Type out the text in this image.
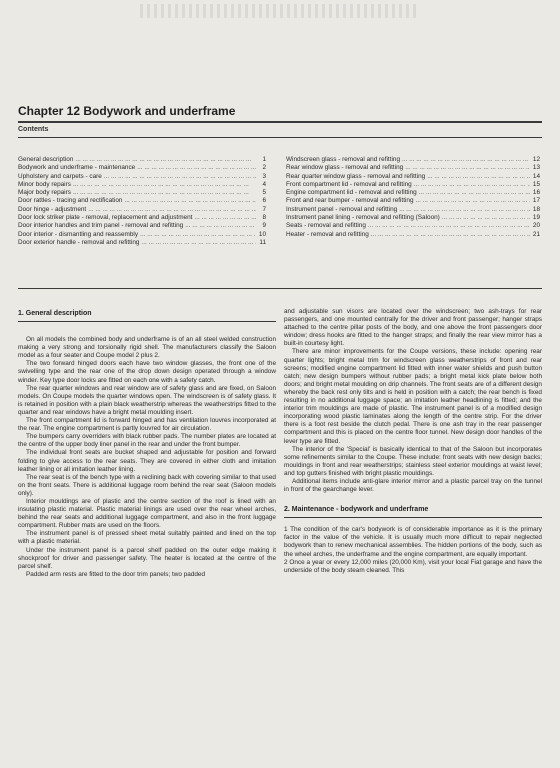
Chapter 12 Bodywork and underframe
Contents
General description ... .	1
Bodywork and underframe - maintenance ... .	2
Upholstery and carpets - care ... .	3
Minor body repairs ... .	4
Major body repairs ... .	5
Door rattles - tracing and rectification ... .	6
Door hinge - adjustment ... .	7
Door lock striker plate - removal, replacement and adjustment ... .	8
Door interior handles and trim panel - removal and refitting ... .	9
Door interior - dismantling and reassembly ... .	10
Door exterior handle - removal and refitting ... .	11
Windscreen glass - removal and refitting ... .	12
Rear window glass - removal and refitting ... .	13
Rear quarter window glass - removal and refitting ... .	14
Front compartment lid - removal and refitting ... .	15
Engine compartment lid - removal and refitting ... .	16
Front and rear bumper - removal and refitting ... .	17
Instrument panel - removal and refitting ... .	18
Instrument panel lining - removal and refitting (Saloon) ... .	19
Seats - removal and refitting ... .	20
Heater - removal and refitting ... .	21
1. General description

On all models the combined body and underframe is of an all steel welded construction making a very strong and torsionally rigid shell. The manufacturers classify the Saloon model as a four seater and Coupe model 2 plus 2.

The two forward hinged doors each have two window glasses, the front one of the swivelling type and the rear one of the drop down design operated through a window winder. Key type door locks are fitted on each one with a safety catch.

The rear quarter windows and rear window are of safety glass and are fixed, on Saloon models. On Coupe models the quarter windows open. The windscreen is of safety glass. It is retained in position with a plain black weatherstrip whereas the weatherstrips fitted to the quarter and rear windows have a bright metal moulding insert.

The front compartment lid is forward hinged and has ventilation louvres incorporated at the rear. The engine compartment is partly louvred for air circulation.

The bumpers carry overriders with black rubber pads. The number plates are located at the centre of the upper body liner panel in the rear and under the front bumper.

The individual front seats are bucket shaped and adjustable for position and forward folding to give access to the rear seats. They are covered in either cloth and imitation leather lining or all imitation leather lining.

The rear seat is of the bench type with a reclining back with covering similar to that used on the front seats. There is additional luggage room behind the rear seat (Saloon models only).

Interior mouldings are of plastic and the centre section of the roof is lined with an insulating plastic material. Plastic material linings are used over the rear wheel arches, behind the rear seats and additional luggage compartment, and also in the front luggage compartment. Rubber mats are used on the floors.

The instrument panel is of pressed sheet metal suitably painted and lined on the top with a plastic material.

Under the instrument panel is a parcel shelf padded on the outer edge making it shockproof for driver and passenger safety. The heater is located at the centre of the parcel shelf.

Padded arm rests are fitted to the door trim panels; two padded

and adjustable sun visors are located over the windscreen; two ash-trays for rear passengers, and one mounted centrally for the driver and front passenger; hanger straps attached to the centre pillar posts of the body, and one above the front passengers door window; dress hooks are fitted to the hanger straps; and finally the rear view mirror has a built-in courtesy light.

There are minor improvements for the Coupe versions, these include: opening rear quarter lights; bright metal trim for windscreen glass weatherstrips of front and rear screens; modified engine compartment lid fitted with inner water shields and push button catch; new design bumpers without rubber pads; a bright metal kick plate below both doors; and bright metal moulding on drip channels. The front seats are of a different design whereby the back rest only tilts and is held in position with a catch; the rear bench is fixed resulting in no additional luggage space; an imitation leather headlining is fitted; and the interior trim mouldings are made of plastic. The instrument panel is of a modified design incorporating wood plastic laminates along the length of the centre strip. For the driver there is a foot rest beside the clutch pedal. There is one ash tray in the rear passenger compartment and this is placed on the centre floor tunnel. New design door handles of the lever type are fitted.

The interior of the 'Special' is basically identical to that of the Saloon but incorporates some refinements similar to the Coupe. These include: front seats with new design backs; mouldings in front and rear weatherstrips; stainless steel exterior mouldings at waist level; and top gutters finished with bright plastic mouldings.

Additional items include anti-glare interior mirror and a plastic parcel tray on the tunnel in front of the gearchange lever.

2. Maintenance - bodywork and underframe

1 The condition of the car's bodywork is of considerable importance as it is the primary factor in the value of the vehicle. It is usually much more difficult to repair neglected bodywork than to renew mechanical assemblies. The hidden portions of the body, such as the wheel arches, the underframe and the engine compartment, are equally important.

2 Once a year or every 12,000 miles (20,000 Km), visit your local Fiat garage and have the underside of the body steam cleaned. This
